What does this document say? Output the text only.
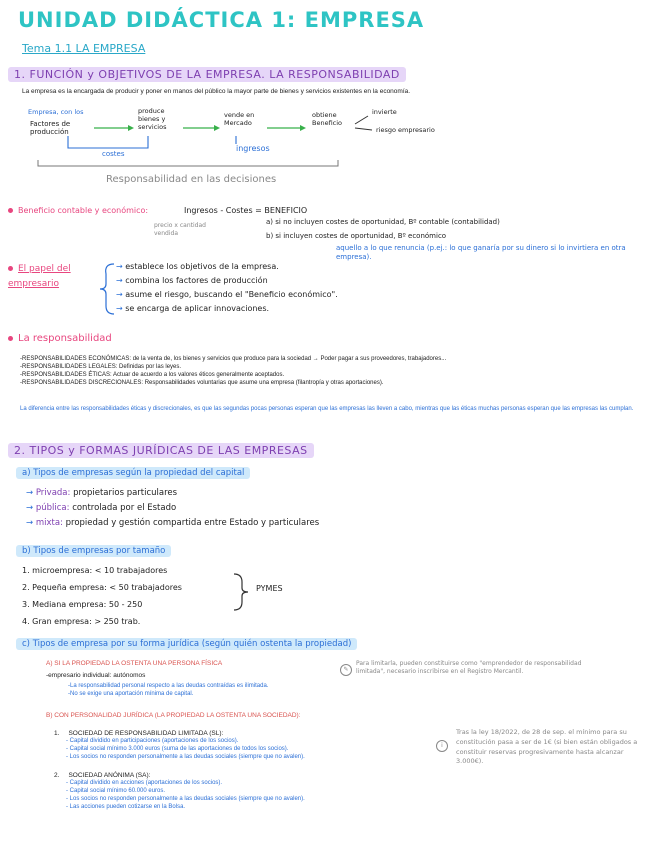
UNIDAD DIDÁCTICA 1: EMPRESA
Tema 1.1 LA EMPRESA
1. FUNCIÓN y OBJETIVOS DE LA EMPRESA. LA RESPONSABILIDAD
La empresa es la encargada de producir y poner en manos del público la mayor parte de bienes y servicios existentes en la economía.
Empresa, con los
Factores de producción
produce bienes y servicios
vende en Mercado
obtiene Beneficio
invierte
riesgo empresario
costes
ingresos
Responsabilidad en las decisiones
Beneficio contable y económico:	Ingresos - Costes = BENEFICIO
precio x cantidad vendida
a) si no incluyen costes de oportunidad, Bº contable (contabilidad)
b) si incluyen costes de oportunidad, Bº económico
aquello a lo que renuncia (p.ej.: lo que ganaría por su dinero si lo invirtiera en otra empresa).
El papel del empresario
→ establece los objetivos de la empresa.
→ combina los factores de producción
→ asume el riesgo, buscando el "Beneficio económico".
→ se encarga de aplicar innovaciones.
La responsabilidad
-RESPONSABILIDADES ECONÓMICAS: de la venta de, los bienes y servicios que produce para la sociedad → Poder pagar a sus proveedores, trabajadores...
-RESPONSABILIDADES LEGALES: Definidas por las leyes.
-RESPONSABILIDADES ÉTICAS: Actuar de acuerdo a los valores éticos generalmente aceptados.
-RESPONSABILIDADES DISCRECIONALES: Responsabilidades voluntarias que asume una empresa (filantropía y otras aportaciones).
La diferencia entre las responsabilidades éticas y discrecionales, es que las segundas pocas personas esperan que las empresas las lleven a cabo, mientras que las éticas muchas personas esperan que las empresas las cumplan.
2. TIPOS y FORMAS JURÍDICAS DE LAS EMPRESAS
a) Tipos de empresas según la propiedad del capital
→ Privada: propietarios particulares
→ pública: controlada por el Estado
→ mixta: propiedad y gestión compartida entre Estado y particulares
b) Tipos de empresas por tamaño
1. microempresa: < 10 trabajadores
2. Pequeña empresa: < 50 trabajadores
3. Mediana empresa: 50 - 250
4. Gran empresa: > 250 trab.
PYMES
c) Tipos de empresa por su forma jurídica (según quién ostenta la propiedad)
A) SI LA PROPIEDAD LA OSTENTA UNA PERSONA FÍSICA
-empresario individual: autónomos
-La responsabilidad personal respecto a las deudas contraídas es ilimitada.
-No se exige una aportación mínima de capital.
✎
Para limitarla, pueden constituirse como "emprendedor de responsabilidad limitada", necesario inscribirse en el Registro Mercantil.
B) CON PERSONALIDAD JURÍDICA (LA PROPIEDAD LA OSTENTA UNA SOCIEDAD):
1. SOCIEDAD DE RESPONSABILIDAD LIMITADA (SL):
- Capital dividido en participaciones (aportaciones de los socios).
- Capital social mínimo 3.000 euros (suma de las aportaciones de todos los socios).
- Los socios no responden personalmente a las deudas sociales (siempre que no avalen).
2. SOCIEDAD ANÓNIMA (SA):
- Capital dividido en acciones (aportaciones de los socios).
- Capital social mínimo 60.000 euros.
- Los socios no responden personalmente a las deudas sociales (siempre que no avalen).
- Las acciones pueden cotizarse en la Bolsa.
i
Tras la ley 18/2022, de 28 de sep. el mínimo para su constitución pasa a ser de 1€ (si bien están obligados a constituir reservas progresivamente hasta alcanzar 3.000€).
